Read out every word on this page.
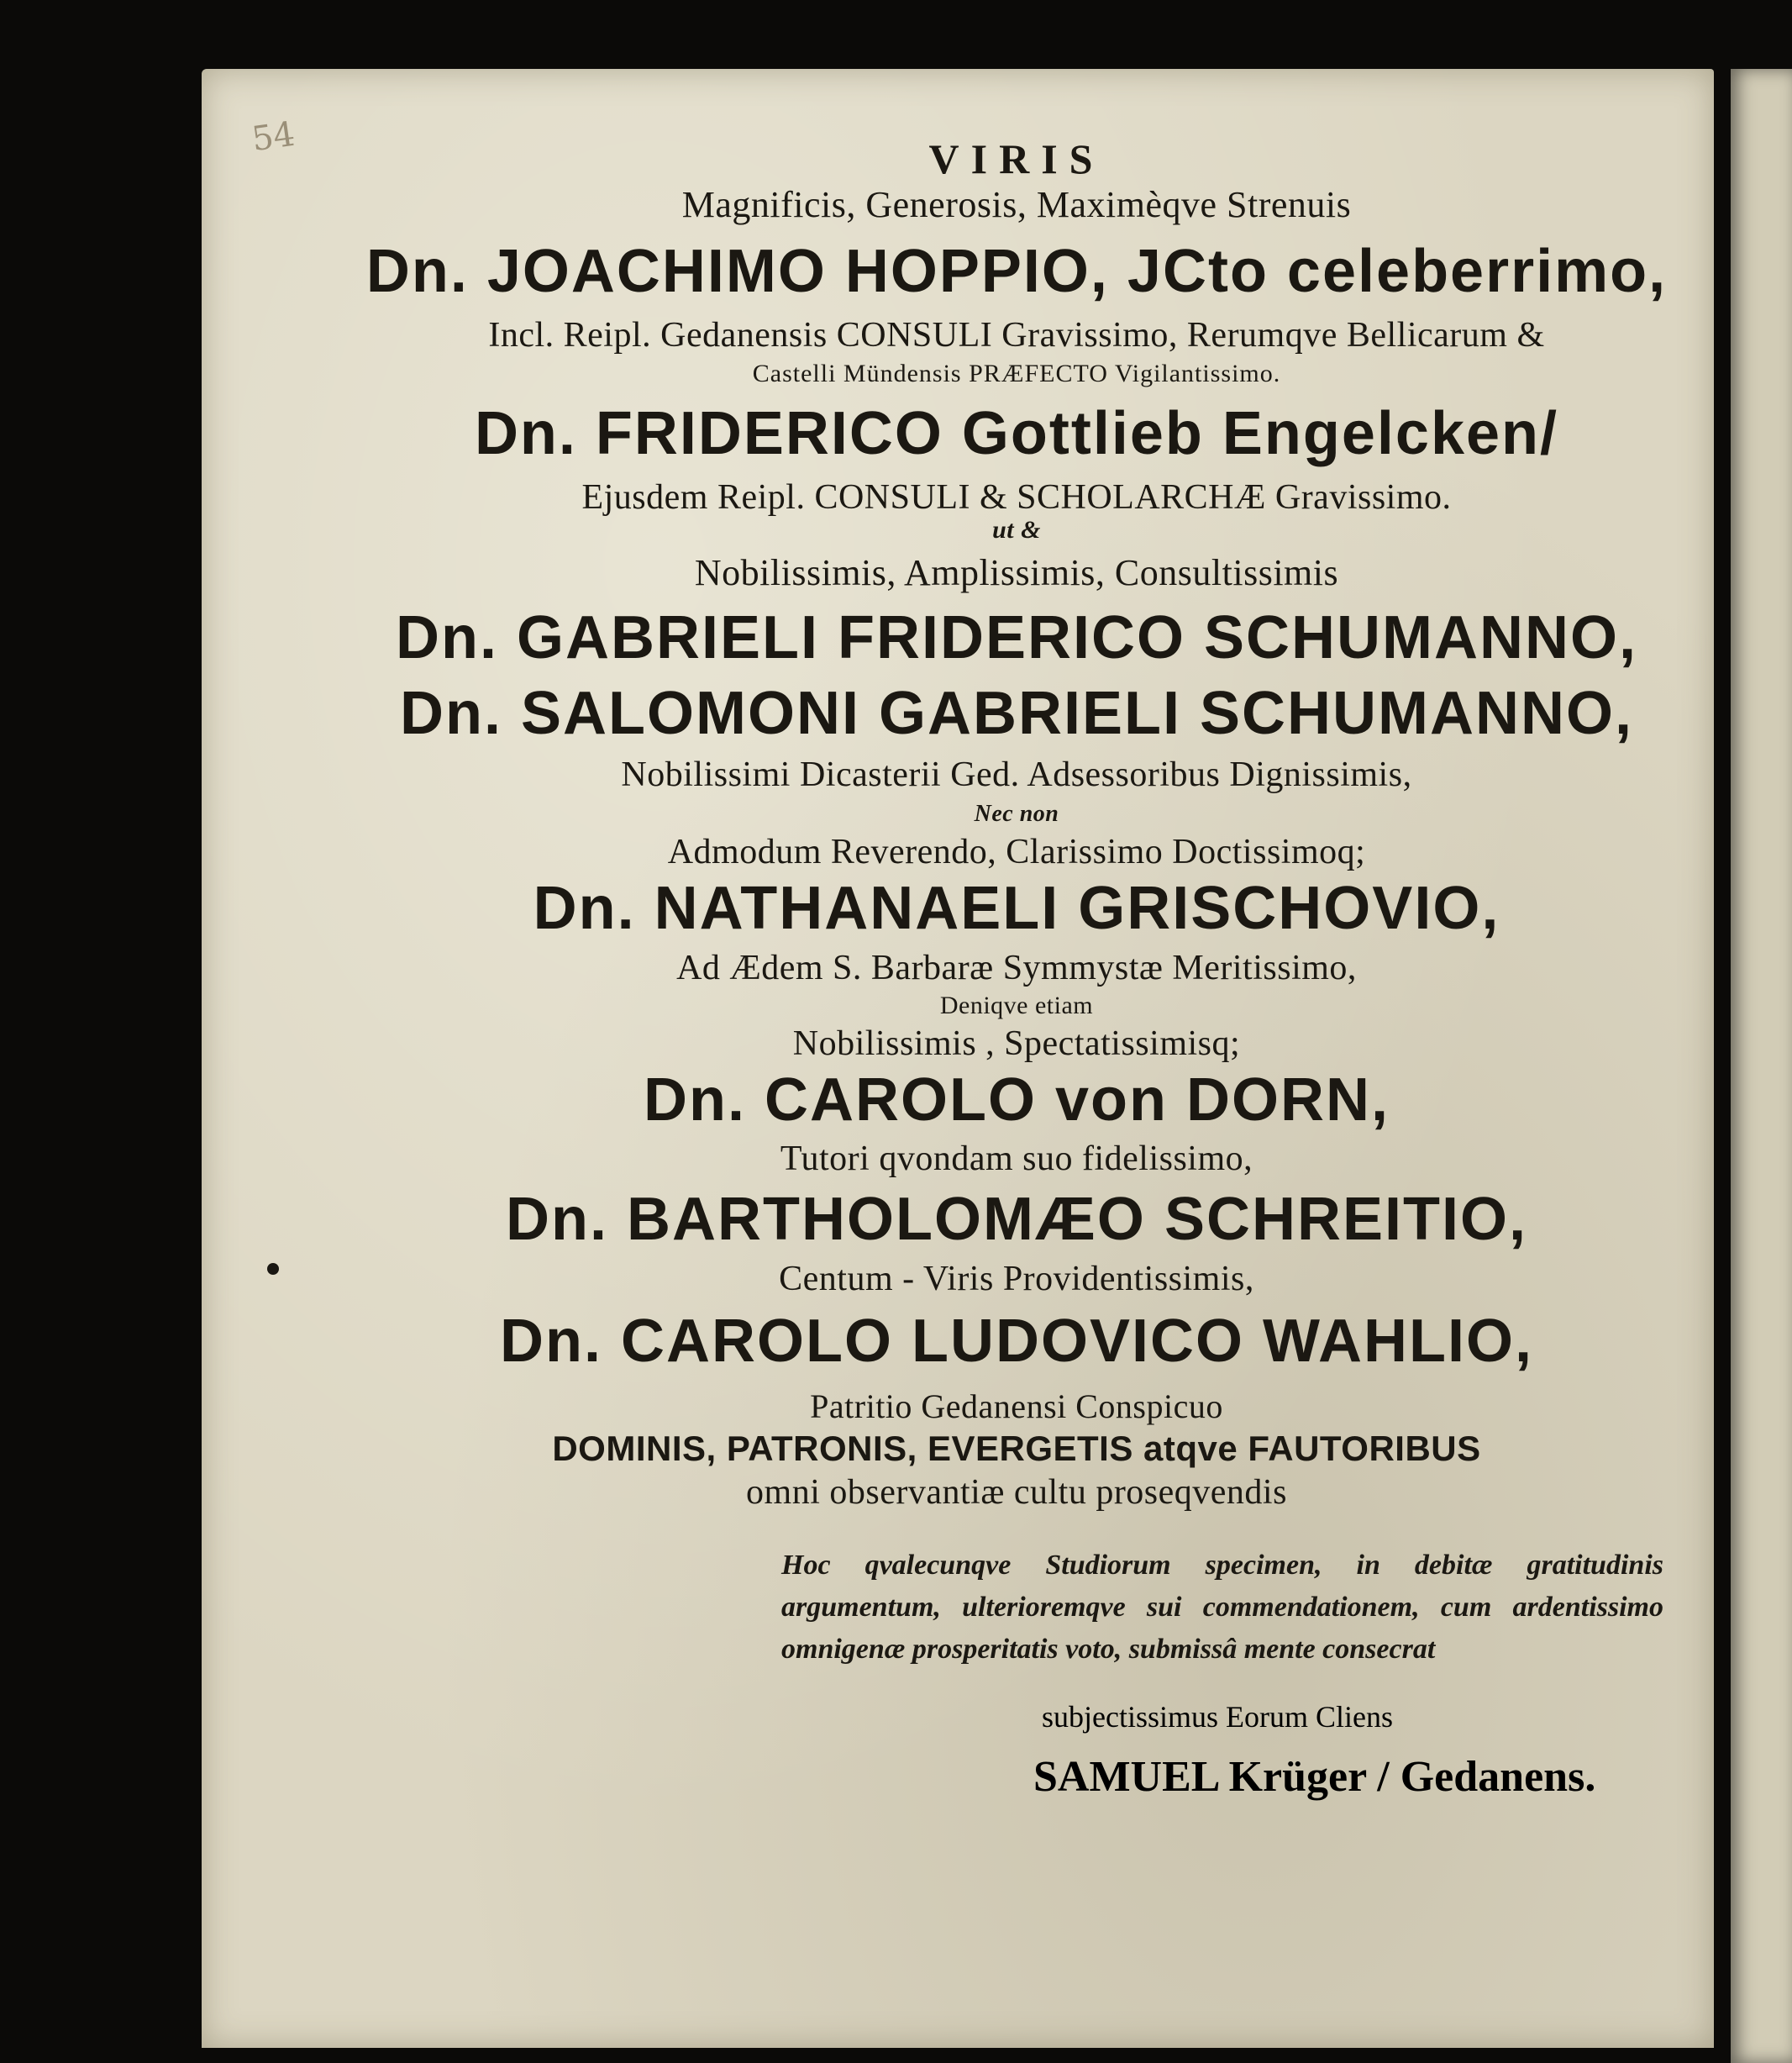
54	VIRIS
Magnificis, Generosis, Maximèqve Strenuis
Dn. JOACHIMO HOPPIO, JCto celeberrimo,
Incl. Reipl. Gedanensis CONSULI Gravissimo, Rerumqve Bellicarum &
Castelli Mündensis PRÆFECTO Vigilantissimo.
Dn. FRIDERICO Gottlieb Engelcken/
Ejusdem Reipl. CONSULI & SCHOLARCHÆ Gravissimo.
ut &
Nobilissimis, Amplissimis, Consultissimis
Dn. GABRIELI FRIDERICO SCHUMANNO,
Dn. SALOMONI GABRIELI SCHUMANNO,
Nobilissimi Dicasterii Ged. Adsessoribus Dignissimis,
Nec non
Admodum Reverendo, Clarissimo Doctissimoq;
Dn. NATHANAELI GRISCHOVIO,
Ad Ædem S. Barbaræ Symmystæ Meritissimo,
Deniqve etiam
Nobilissimis , Spectatissimisq;
Dn. CAROLO von DORN,
Tutori qvondam suo fidelissimo,
Dn. BARTHOLOMÆO SCHREITIO,
Centum - Viris Providentissimis,
Dn. CAROLO LUDOVICO WAHLIO,
Patritio Gedanensi Conspicuo
DOMINIS, PATRONIS, EVERGETIS atqve FAUTORIBUS
omni observantiæ cultu proseqvendis
Hoc qvalecunqve Studiorum specimen, in debitæ gratitudinis argumentum, ulterioremqve sui commendationem, cum ardentissimo omnigenæ prosperitatis voto, submissâ mente consecrat
subjectissimus Eorum Cliens
SAMUEL Krüger / Gedanens.
